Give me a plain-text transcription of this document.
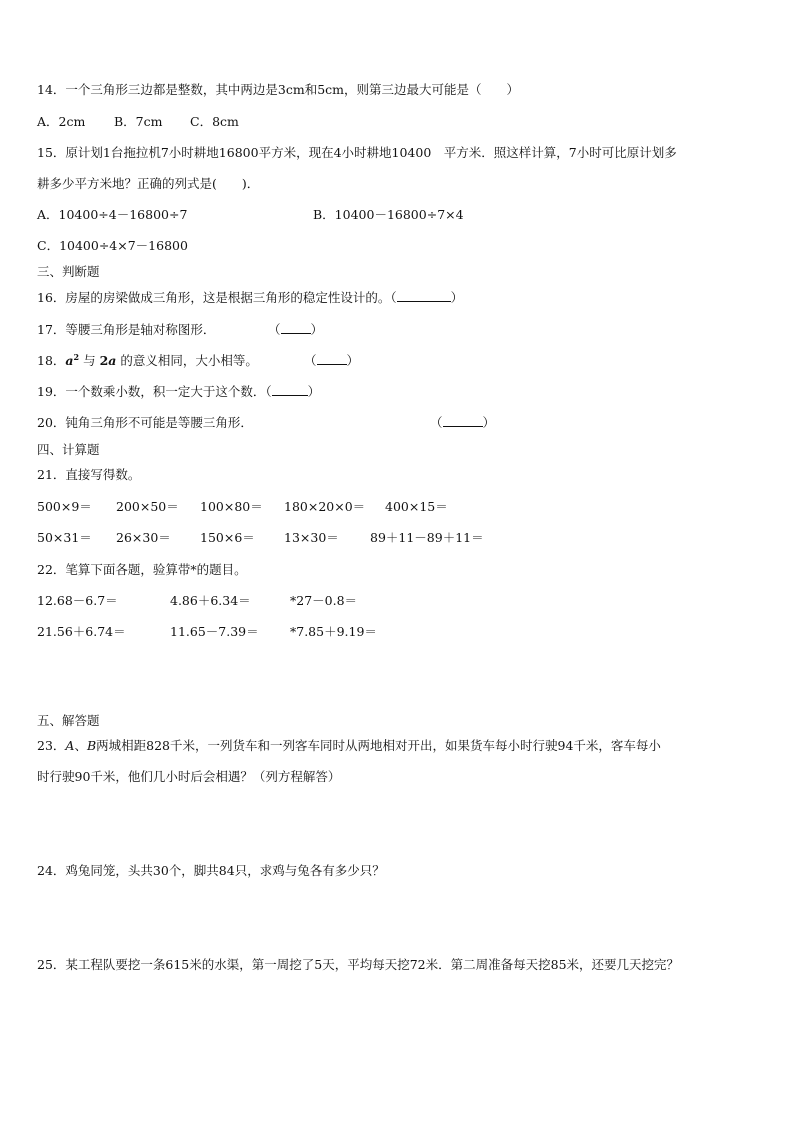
14．一个三角形三边都是整数，其中两边是3cm和5cm，则第三边最大可能是（　　）
A．2cm B．7cm C．8cm
15．原计划1台拖拉机7小时耕地16800平方米，现在4小时耕地10400　平方米．照这样计算，7小时可比原计划多
耕多少平方米地？正确的列式是(　　)．
A．10400÷4－16800÷7	B．10400－16800÷7×4
C．10400÷4×7－16800
三、判断题
16．房屋的房梁做成三角形，这是根据三角形的稳定性设计的。（	）
17．等腰三角形是轴对称图形．	（ ）
18．$a^2$ 与 2a 的意义相同，大小相等。	（ ）
19．一个数乘小数，积一定大于这个数．（	）
20．钝角三角形不可能是等腰三角形．	（	）
四、计算题
21．直接写得数。
500×9＝ 200×50＝ 100×80＝ 180×20×0＝ 400×15＝
50×31＝ 26×30＝ 150×6＝ 13×30＝ 89＋11－89＋11＝
22．笔算下面各题，验算带*的题目。
12.68－6.7＝	4.86＋6.34＝	*27－0.8＝
21.56＋6.74＝	11.65－7.39＝	*7.85＋9.19＝
五、解答题
23．A、B两城相距828千米，一列货车和一列客车同时从两地相对开出，如果货车每小时行驶94千米，客车每小
时行驶90千米，他们几小时后会相遇？（列方程解答）
24．鸡兔同笼，头共30个，脚共84只，求鸡与兔各有多少只？
25．某工程队要挖一条615米的水渠，第一周挖了5天，平均每天挖72米．第二周准备每天挖85米，还要几天挖完？
